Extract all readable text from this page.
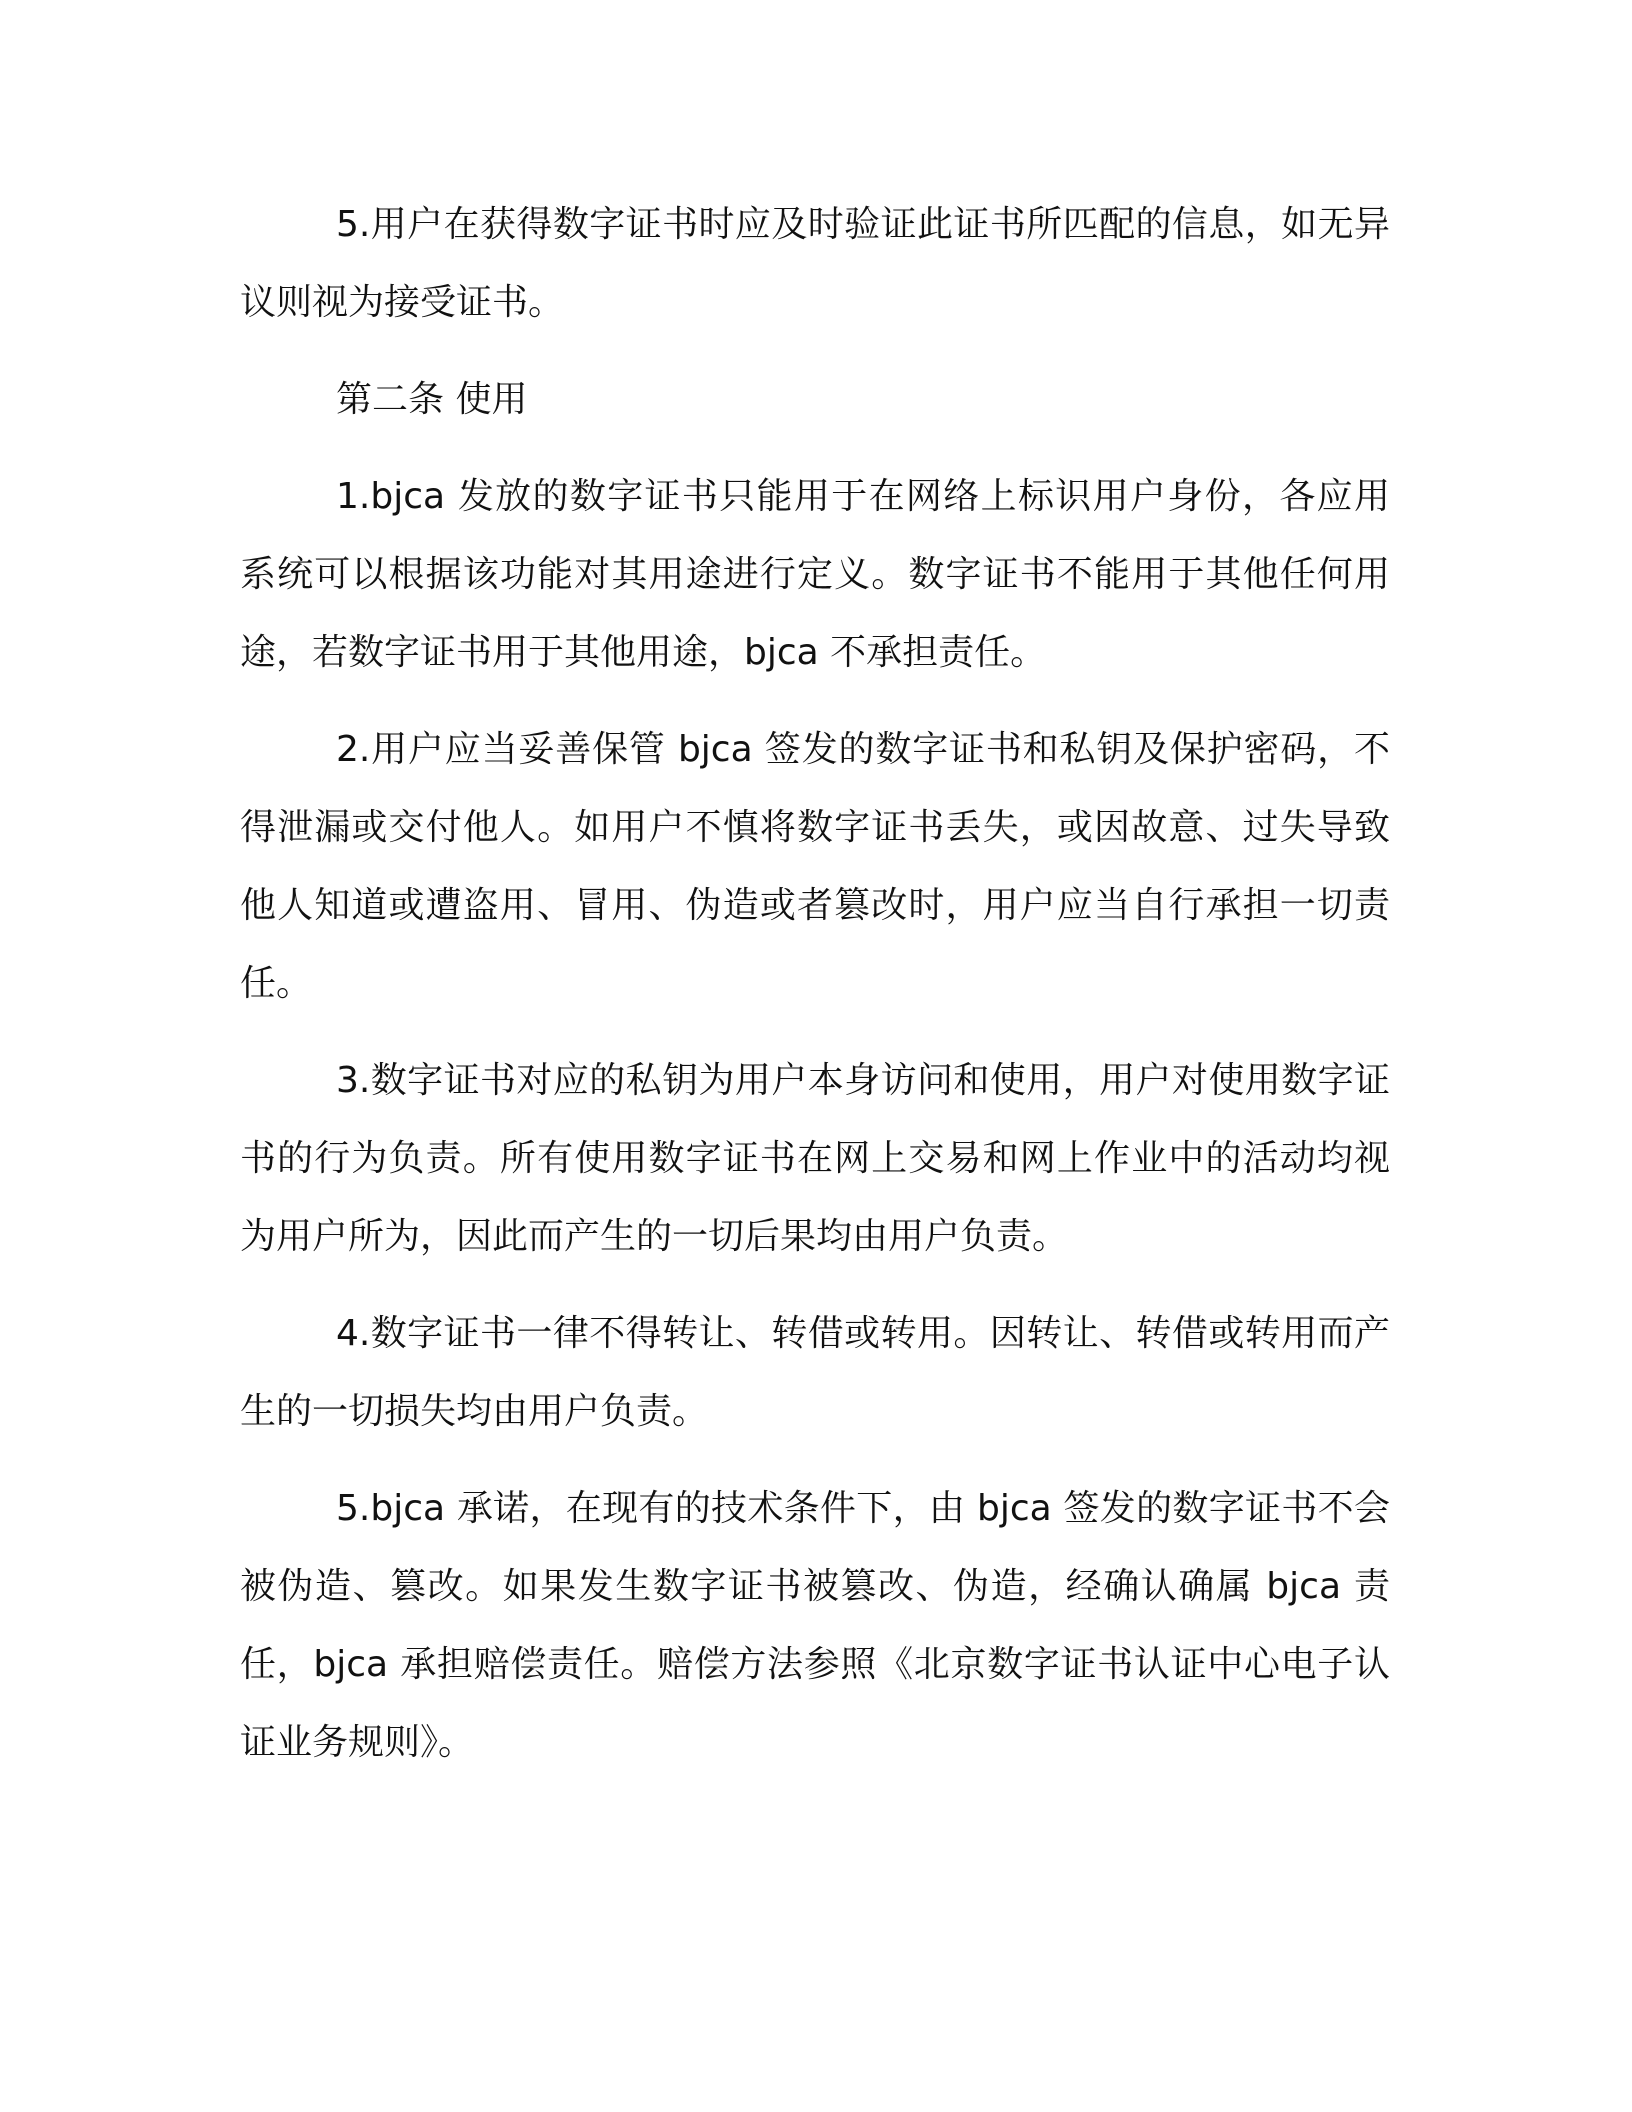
5.用户在获得数字证书时应及时验证此证书所匹配的信息，如无异议则视为接受证书。

第二条 使用

1.bjca 发放的数字证书只能用于在网络上标识用户身份，各应用系统可以根据该功能对其用途进行定义。数字证书不能用于其他任何用途，若数字证书用于其他用途，bjca 不承担责任。

2.用户应当妥善保管 bjca 签发的数字证书和私钥及保护密码，不得泄漏或交付他人。如用户不慎将数字证书丢失，或因故意、过失导致他人知道或遭盗用、冒用、伪造或者篡改时，用户应当自行承担一切责任。

3.数字证书对应的私钥为用户本身访问和使用，用户对使用数字证书的行为负责。所有使用数字证书在网上交易和网上作业中的活动均视为用户所为，因此而产生的一切后果均由用户负责。

4.数字证书一律不得转让、转借或转用。因转让、转借或转用而产生的一切损失均由用户负责。

5.bjca 承诺，在现有的技术条件下，由 bjca 签发的数字证书不会被伪造、篡改。如果发生数字证书被篡改、伪造，经确认确属 bjca 责任，bjca 承担赔偿责任。赔偿方法参照《北京数字证书认证中心电子认证业务规则》。
